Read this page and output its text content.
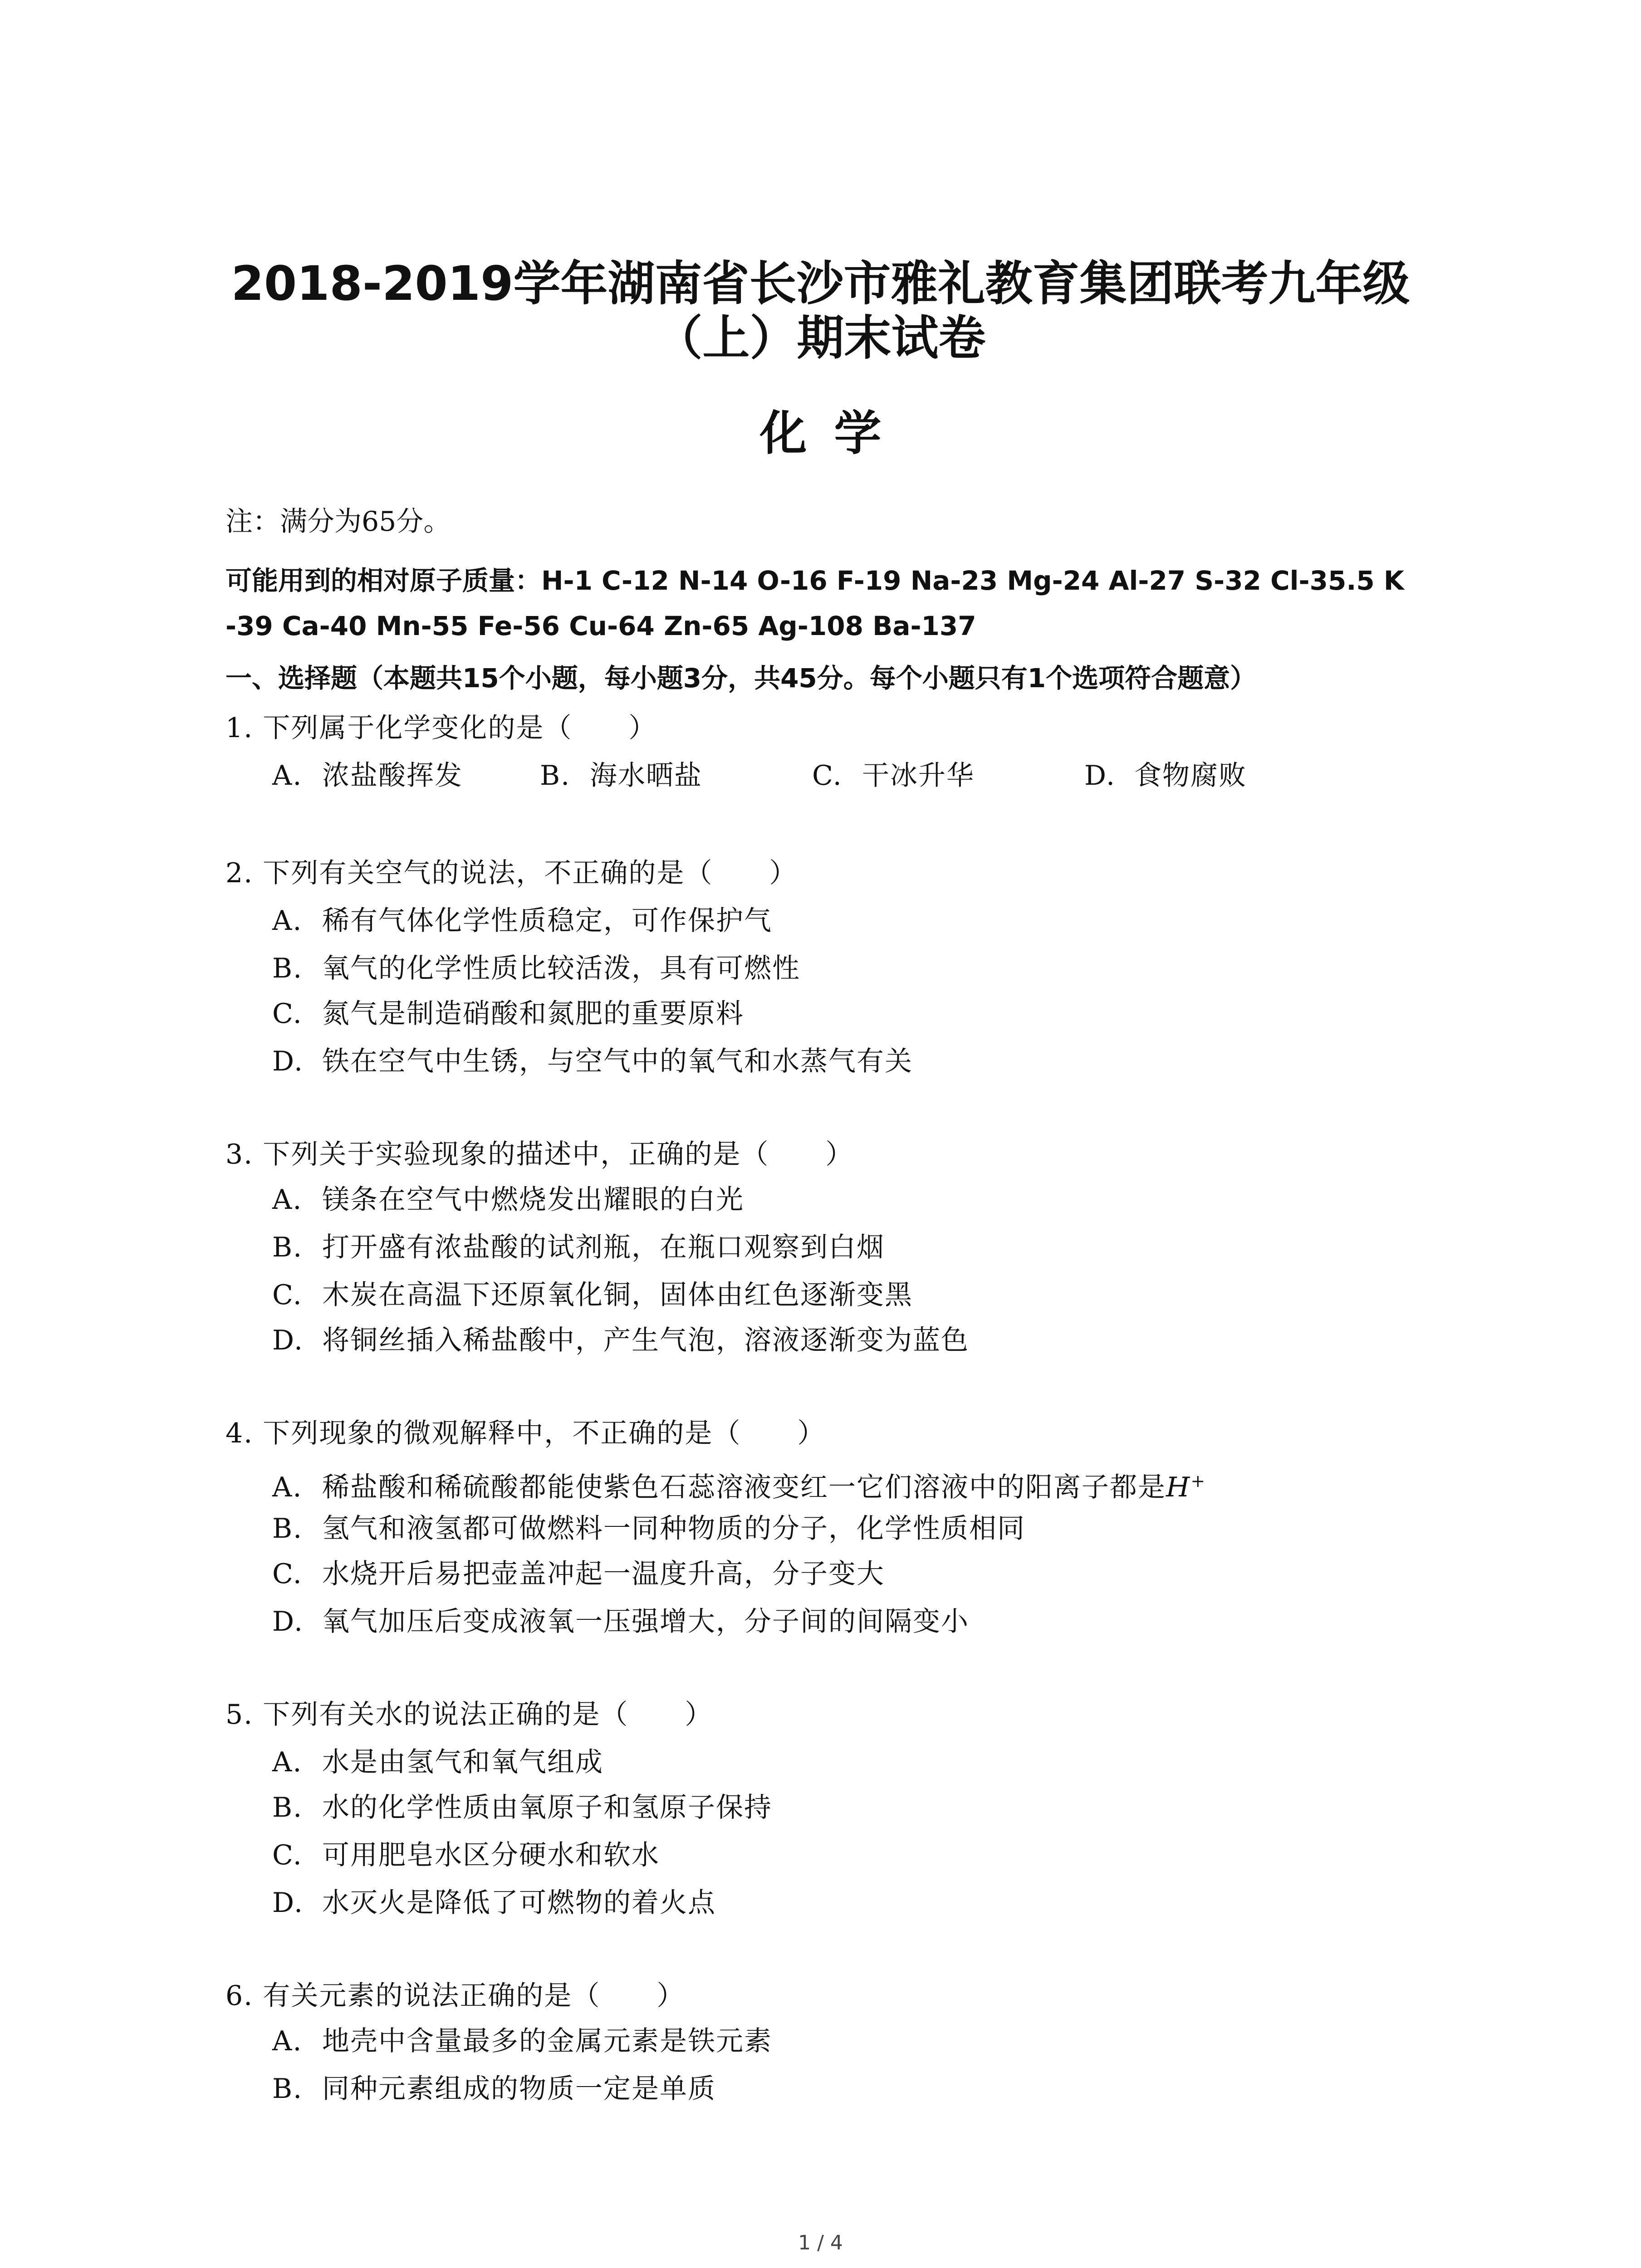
2018-2019学年湖南省长沙市雅礼教育集团联考九年级
（上）期末试卷
化学
注：满分为65分。
可能用到的相对原子质量：H-1 C-12 N-14 O-16 F-19 Na-23 Mg-24 Al-27 S-32 Cl-35.5 K
-39 Ca-40 Mn-55 Fe-56 Cu-64 Zn-65 Ag-108 Ba-137
一、选择题（本题共15个小题，每小题3分，共45分。每个小题只有1个选项符合题意）
1. 下列属于化学变化的是（　　）
A. 浓盐酸挥发	B. 海水晒盐	C. 干冰升华	D. 食物腐败
2. 下列有关空气的说法，不正确的是（　　）
A. 稀有气体化学性质稳定，可作保护气
B. 氧气的化学性质比较活泼，具有可燃性
C. 氮气是制造硝酸和氮肥的重要原料
D. 铁在空气中生锈，与空气中的氧气和水蒸气有关
3. 下列关于实验现象的描述中，正确的是（　　）
A. 镁条在空气中燃烧发出耀眼的白光
B. 打开盛有浓盐酸的试剂瓶，在瓶口观察到白烟
C. 木炭在高温下还原氧化铜，固体由红色逐渐变黑
D. 将铜丝插入稀盐酸中，产生气泡，溶液逐渐变为蓝色
4. 下列现象的微观解释中，不正确的是（　　）
A. 稀盐酸和稀硫酸都能使紫色石蕊溶液变红一它们溶液中的阳离子都是H+
B. 氢气和液氢都可做燃料一同种物质的分子，化学性质相同
C. 水烧开后易把壶盖冲起一温度升高，分子变大
D. 氧气加压后变成液氧一压强增大，分子间的间隔变小
5. 下列有关水的说法正确的是（　　）
A. 水是由氢气和氧气组成
B. 水的化学性质由氧原子和氢原子保持
C. 可用肥皂水区分硬水和软水
D. 水灭火是降低了可燃物的着火点
6. 有关元素的说法正确的是（　　）
A. 地壳中含量最多的金属元素是铁元素
B. 同种元素组成的物质一定是单质
1 / 4
